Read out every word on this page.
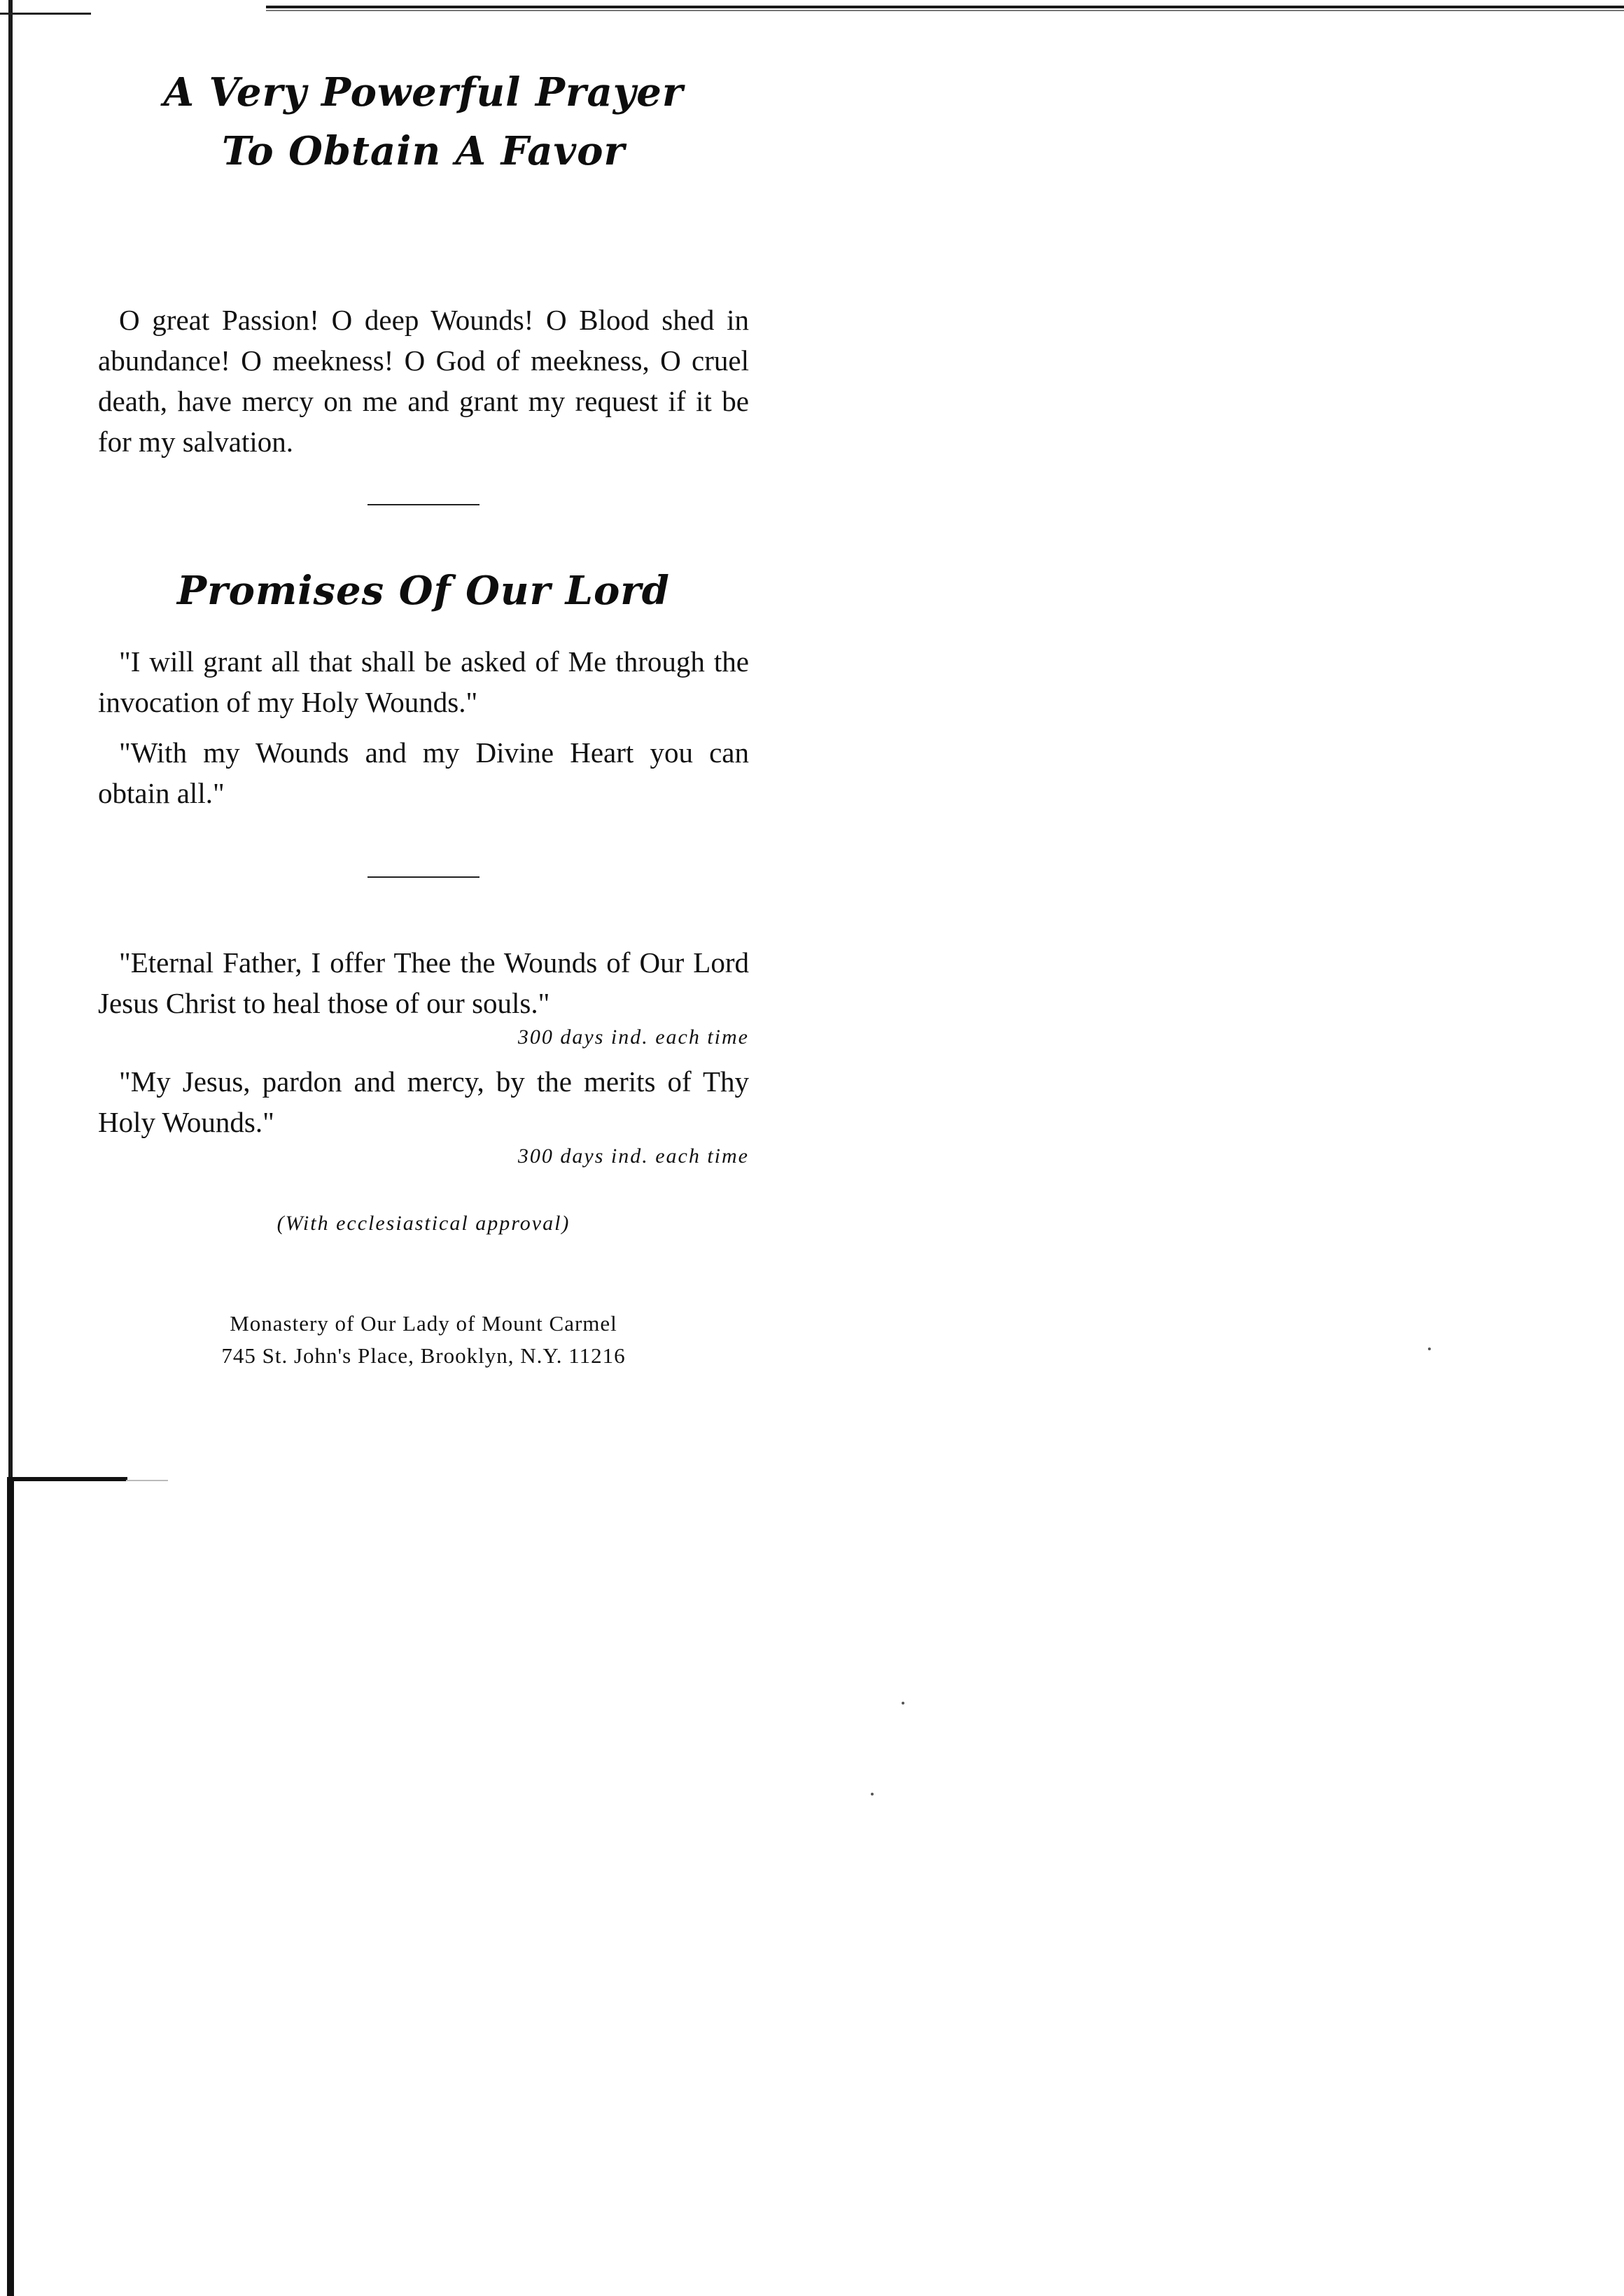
A Very Powerful Prayer

To Obtain A Favor

O great Passion! O deep Wounds! O Blood shed in abundance! O meekness! O God of meekness, O cruel death, have mercy on me and grant my request if it be for my salvation.

Promises Of Our Lord

"I will grant all that shall be asked of Me through the invocation of my Holy Wounds."

"With my Wounds and my Divine Heart you can obtain all."

"Eternal Father, I offer Thee the Wounds of Our Lord Jesus Christ to heal those of our souls."

300 days ind. each time

"My Jesus, pardon and mercy, by the merits of Thy Holy Wounds."

300 days ind. each time

(With ecclesiastical approval)

Monastery of Our Lady of Mount Carmel

745 St. John's Place, Brooklyn, N.Y. 11216
